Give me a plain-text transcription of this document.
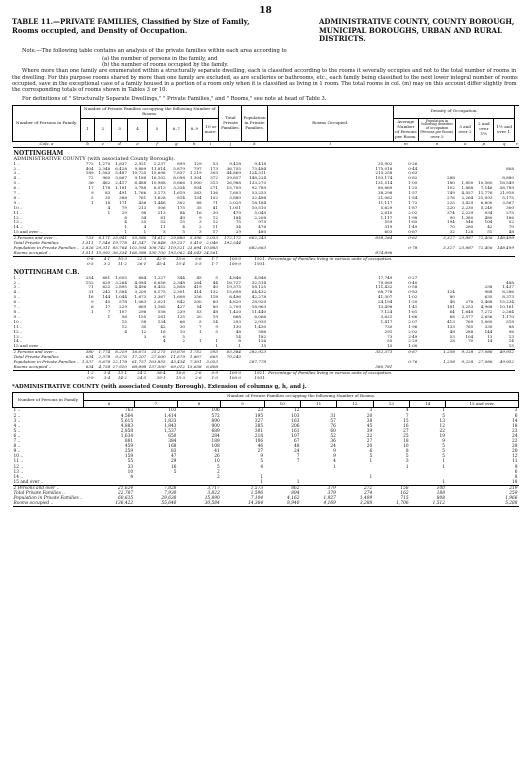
18
TABLE 11.—PRIVATE FAMILIES, Classified by Size of Family, Rooms occupied, and Density of Occupation.
ADMINISTRATIVE COUNTY, COUNTY BOROUGH, MUNICIPAL BOROUGHS, URBAN AND RURAL DISTRICTS.

Note.—The following table contains an analysis of the private families within each area according to

(a) the number of persons in the family, and

(b) the number of rooms occupied by the family.

Where more than one family are enumerated within a structurally separate dwelling, each is classified according to the rooms it severally occupies and not to the total number of rooms in the dwelling. For this purpose rooms shared by more than one family are excluded, as are sculleries or bathrooms, etc., each family being classified to the next lower integral number of rooms occupied, save in the exceptional case of a family housed in a portion of a room only when it is classified as living in 1 room. The total rooms in col. (m) may on this account differ slightly from the corresponding totals of rooms shown in Tables 3 or 10.

For definitions of " Structurally Separate Dwellings," " Private Families," and " Rooms," see note at head of Table 3.

Number of Persons in Family.	Number of Private Families occupying the following Number of Rooms.								Total Private Families.	Population in Private Families.	Rooms Occupied.	Density of Occupation.					
	1	2	3	4	5	6–7	8–9	10 or more.				Average Number of Persons per Room.	Population in following densities of occupation (Persons per Room).
over 3	3 and over 2	2 and over 1½	1½ and over 1.	
Cols. a	b	c	d	e	f	g	h	i	j	k	l	m	n	o	p	q	r
NOTTINGHAM																	
ADMINISTRATIVE COUNTY (with associated County Borough).																	
1 ..	772	1,270	1,837	2,921	2,237	899	129	53	9,418	9,418	35,902	0·26					
2 ..	404	2,348	6,428	9,889	11,814	5,879	797	173	36,755	73,484	175,018	0·44				808	
3 ..	189	1,583	5,487	10,725	15,698	7,837	1,219	305	44,869	124,311	215,258	0·63					
4 ..	72	960	3,867	9,188	16,102	8,098	1,304	372	39,857	148,224	193,174	0·82	288			8,880	
5 ..	36	482	2,417	6,488	10,968	5,866	1,000	313	26,988	133,270	131,514	1·05	180	1,850	10,560	18,549	
6 ..	17	178	1,181	3,788	6,513	3,334	504	271	15,709	92,789	80,869	1·25	102	1,868	7,146	38,789	
7 ..	9	83	491	1,766	3,173	1,619	263	136	7,603	53,253	38,298	1·57	749	4,557	11,776	21,918	
8 ..	5	35	388	761	1,628	814	134	102	3,880	32,488	21,062	1·54	276	2,264	21,093	5,175	
9 ..	1	18	171	436	1,446	302	68	71	2,029	18,184	11,117	1·72	225	3,429	6,600	3,567	
10 ..		4	79	213	506	175	35	41	1,051	10,510	5,629	1·87	220	2,230	5,240	300	
11 ..		1	29	98	213	84	16	30	479	5,049	2,610	2·02	374	2,229	934	275	
12 ..			8	54	81	49	9	12	184	2,208	1,117	1·98	90	1,380	480	186	
13 ..			4	25	52	15	3	12	75	975	559	1·65	194	546	104	52	
14 ..			1	4	11	4	2	11	34	476	319	1·49	70	280	42	70	
15 and over ..			1	1	5	5	3	17	29	480	603	0·67	32	128	51	48	
2 Persons and over ..	733	6,171	25,941	55,586	74,612	29,880	5,396	2,053	172,172	662,243	838,284	0·61	3,327	23,887	72,406	148,499	
Total Private Families	1,511	7,546	19,778	41,547	76,848	39,257	5,419	2,046	192,544								
Population in Private Families ..	2,826	29,311	85,764	102,594	308,742	119,521	23,894	10,885		682,663		0·78	3,327	23,887	72,406	148,499	
Rooms occupied ..	1,511	15,092	36,334	166,588	330,700	193,062	44,043	24,561			874,896						
	0·8	4·1	10·3	22·3	42·9	15·6	5·6	1·7	100·0	1921.	Percentage of Families living in various units of occupation.						
	0·5	3·2	11·2	26·1	45·4	15·4	5·5	1·7	100·0	1931.							
NOTTINGHAM C.B.																	
1 ..	254	681	1,655	684	1,227	344	45	5	4,846	4,846	17,749	0·27					
2 ..	152	629	3,264	4,084	6,656	2,348	264	44	16,727	32,514	79,069	0·40				488	
3 ..	71	622	2,895	4,496	8,452	2,808	419	40	19,375	58,125	111,432	0·58			258	1,437	
4 ..	31	242	1,584	3,209	8,175	2,301	414	132	15,698	64,432	68,778	0·83	124		968	8,286	
5 ..	16	144	1,044	1,673	3,367	1,608	256	118	8,496	42,278	41,307	1·02	80		635	8,373	
6 ..	9	45	578	1,063	2,021	842	200	80	4,820	28,920	24,194	1·20	48	278	3,468	15,234	
7 ..	6	17	229	669	1,165	427	54	80	2,709	18,963	13,498	1·41	181	3,253	4,968	10,161	
8 ..	1	7	107	296	558	239	53	48	1,420	11,440	7,124	1·61	64	1,648	7,272	2,264	
9 ..		1	56	155	281	125	20	19	668	6,066	3,621	1·66	68	2,577	2,656	1,170	
10 ..			15	58	134	66	5	14	293	2,930	1,417	2·07	413	769	1,060	518	
11 ..			12	30	42	30	7	9	130	1,430	730	1·96	133	765	330	88	
12 ..			4	12	16	10	1	5	48	586	291	2·02	48	288	144	96	
13 ..				3	6	5			14	182	73	2·49	53	104	13	13	
14 ..					4	2	1	1	8	126	55	2·29	28	70	14	14	
15 and over ..								1	1	15	15	1·00				15	
2 Persons and over ..	380	1,774	8,219	16,673	25,275	10,676	1,752	593	65,384	282,923	352,373	0·67	1,258	9,228	27,086	49,952	
Total Private Families	634	2,378	9,276	17,207	27,000	11,679	1,807	665	70,240								
Population in Private Families ..	1,537	5,678	22,178	61,757	163,855	43,434	7,301	3,053		287,778		0·76	1,258	9,228	27,086	49,952	
Rooms occupied ..	634	4,758	27,910	68,898	137,500	69,012	15,658	6,808			380,781						
	1·2	3·4	13·1	24·2	38·4	16·6	2·6	0·9	100·0	1921.	Percentage of Families living in various units of occupation.						
	0·9	3·4	14·2	24·5	39·1	15·3	2·6	1·0	100·0	1931.							
*ADMINISTRATIVE COUNTY (with associated County Borough). Extension of columns g, h, and j.
Number of Persons in Family.	Number of Private Families occupying the following Number of Rooms.									
	6	7	8	9	10	11	12	13	14	15 and over.
1 ..	763	103	106	23	12		3	4	1	3
2 ..	4,564	1,414	572	195	103	31	20	7	5	6
3 ..	5,615	1,833	890	327	163	57	38	15	13	14
4 ..	4,883	1,843	900	385	206	76	45	16	12	18
5 ..	2,858	1,537	689	301	161	60	39	27	22	23
6 ..	1,634	650	284	218	107	52	22	25	19	24
7 ..	881	384	189	106	67	36	27	18	9	22
8 ..	459	168	108	46	48	24	20	10	5	28
9 ..	259	83	41	27	24	9	6	8	5	20
10 ..	159	47	26	9	7	9	5	5	5	12
11 ..	55	29	10	5	7	4	1	3	1	11
12 ..	33	16	5	4		1		1	1	9
13 ..	10	5	2							6
14 ..	4		2	1			1			8
15 and over ..				1	1				1	18
2 Persons and over ..	21,624	7,828	3,717	1,573	862	379	272	158	100	219
Total Private Families ..	22,787	7,930	3,823	1,596	894	379	274	162	188	259
Population in Private Families ..	60,635	29,638	15,890	7,104	4,162	1,927	1,499	715	808	1,966
Rooms occupied ..	136,422	55,640	30,584	14,364	8,940	4,169	3,288	1,706	1,512	5,288
